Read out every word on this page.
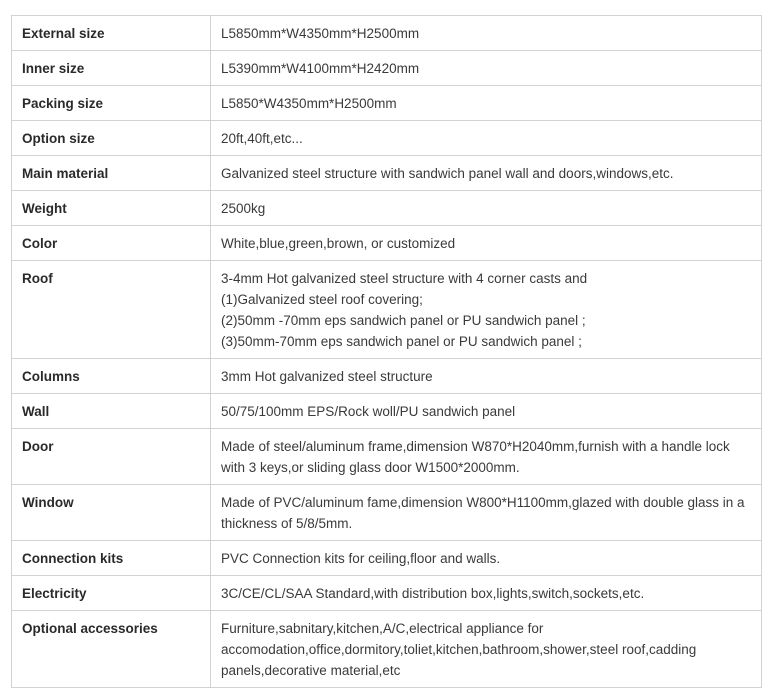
External size	L5850mm*W4350mm*H2500mm

Inner size	L5390mm*W4100mm*H2420mm

Packing size	L5850*W4350mm*H2500mm

Option size	20ft,40ft,etc...

Main material	Galvanized steel structure with sandwich panel wall and doors,windows,etc.

Weight	2500kg

Color	White,blue,green,brown, or customized

Roof	3-4mm Hot galvanized steel structure with 4 corner casts and
(1)Galvanized steel roof covering;
(2)50mm -70mm eps sandwich panel or PU sandwich panel ;
(3)50mm-70mm eps sandwich panel or PU sandwich panel ;

Columns	3mm Hot galvanized steel structure

Wall	50/75/100mm EPS/Rock woll/PU sandwich panel

Door	Made of steel/aluminum frame,dimension W870*H2040mm,furnish with a handle lock with 3 keys,or sliding glass door W1500*2000mm.

Window	Made of PVC/aluminum fame,dimension W800*H1100mm,glazed with double glass in a thickness of 5/8/5mm.

Connection kits	PVC Connection kits for ceiling,floor and walls.

Electricity	3C/CE/CL/SAA Standard,with distribution box,lights,switch,sockets,etc.

Optional accessories	Furniture,sabnitary,kitchen,A/C,electrical appliance for accomodation,office,dormitory,toliet,kitchen,bathroom,shower,steel roof,cadding panels,decorative material,etc
